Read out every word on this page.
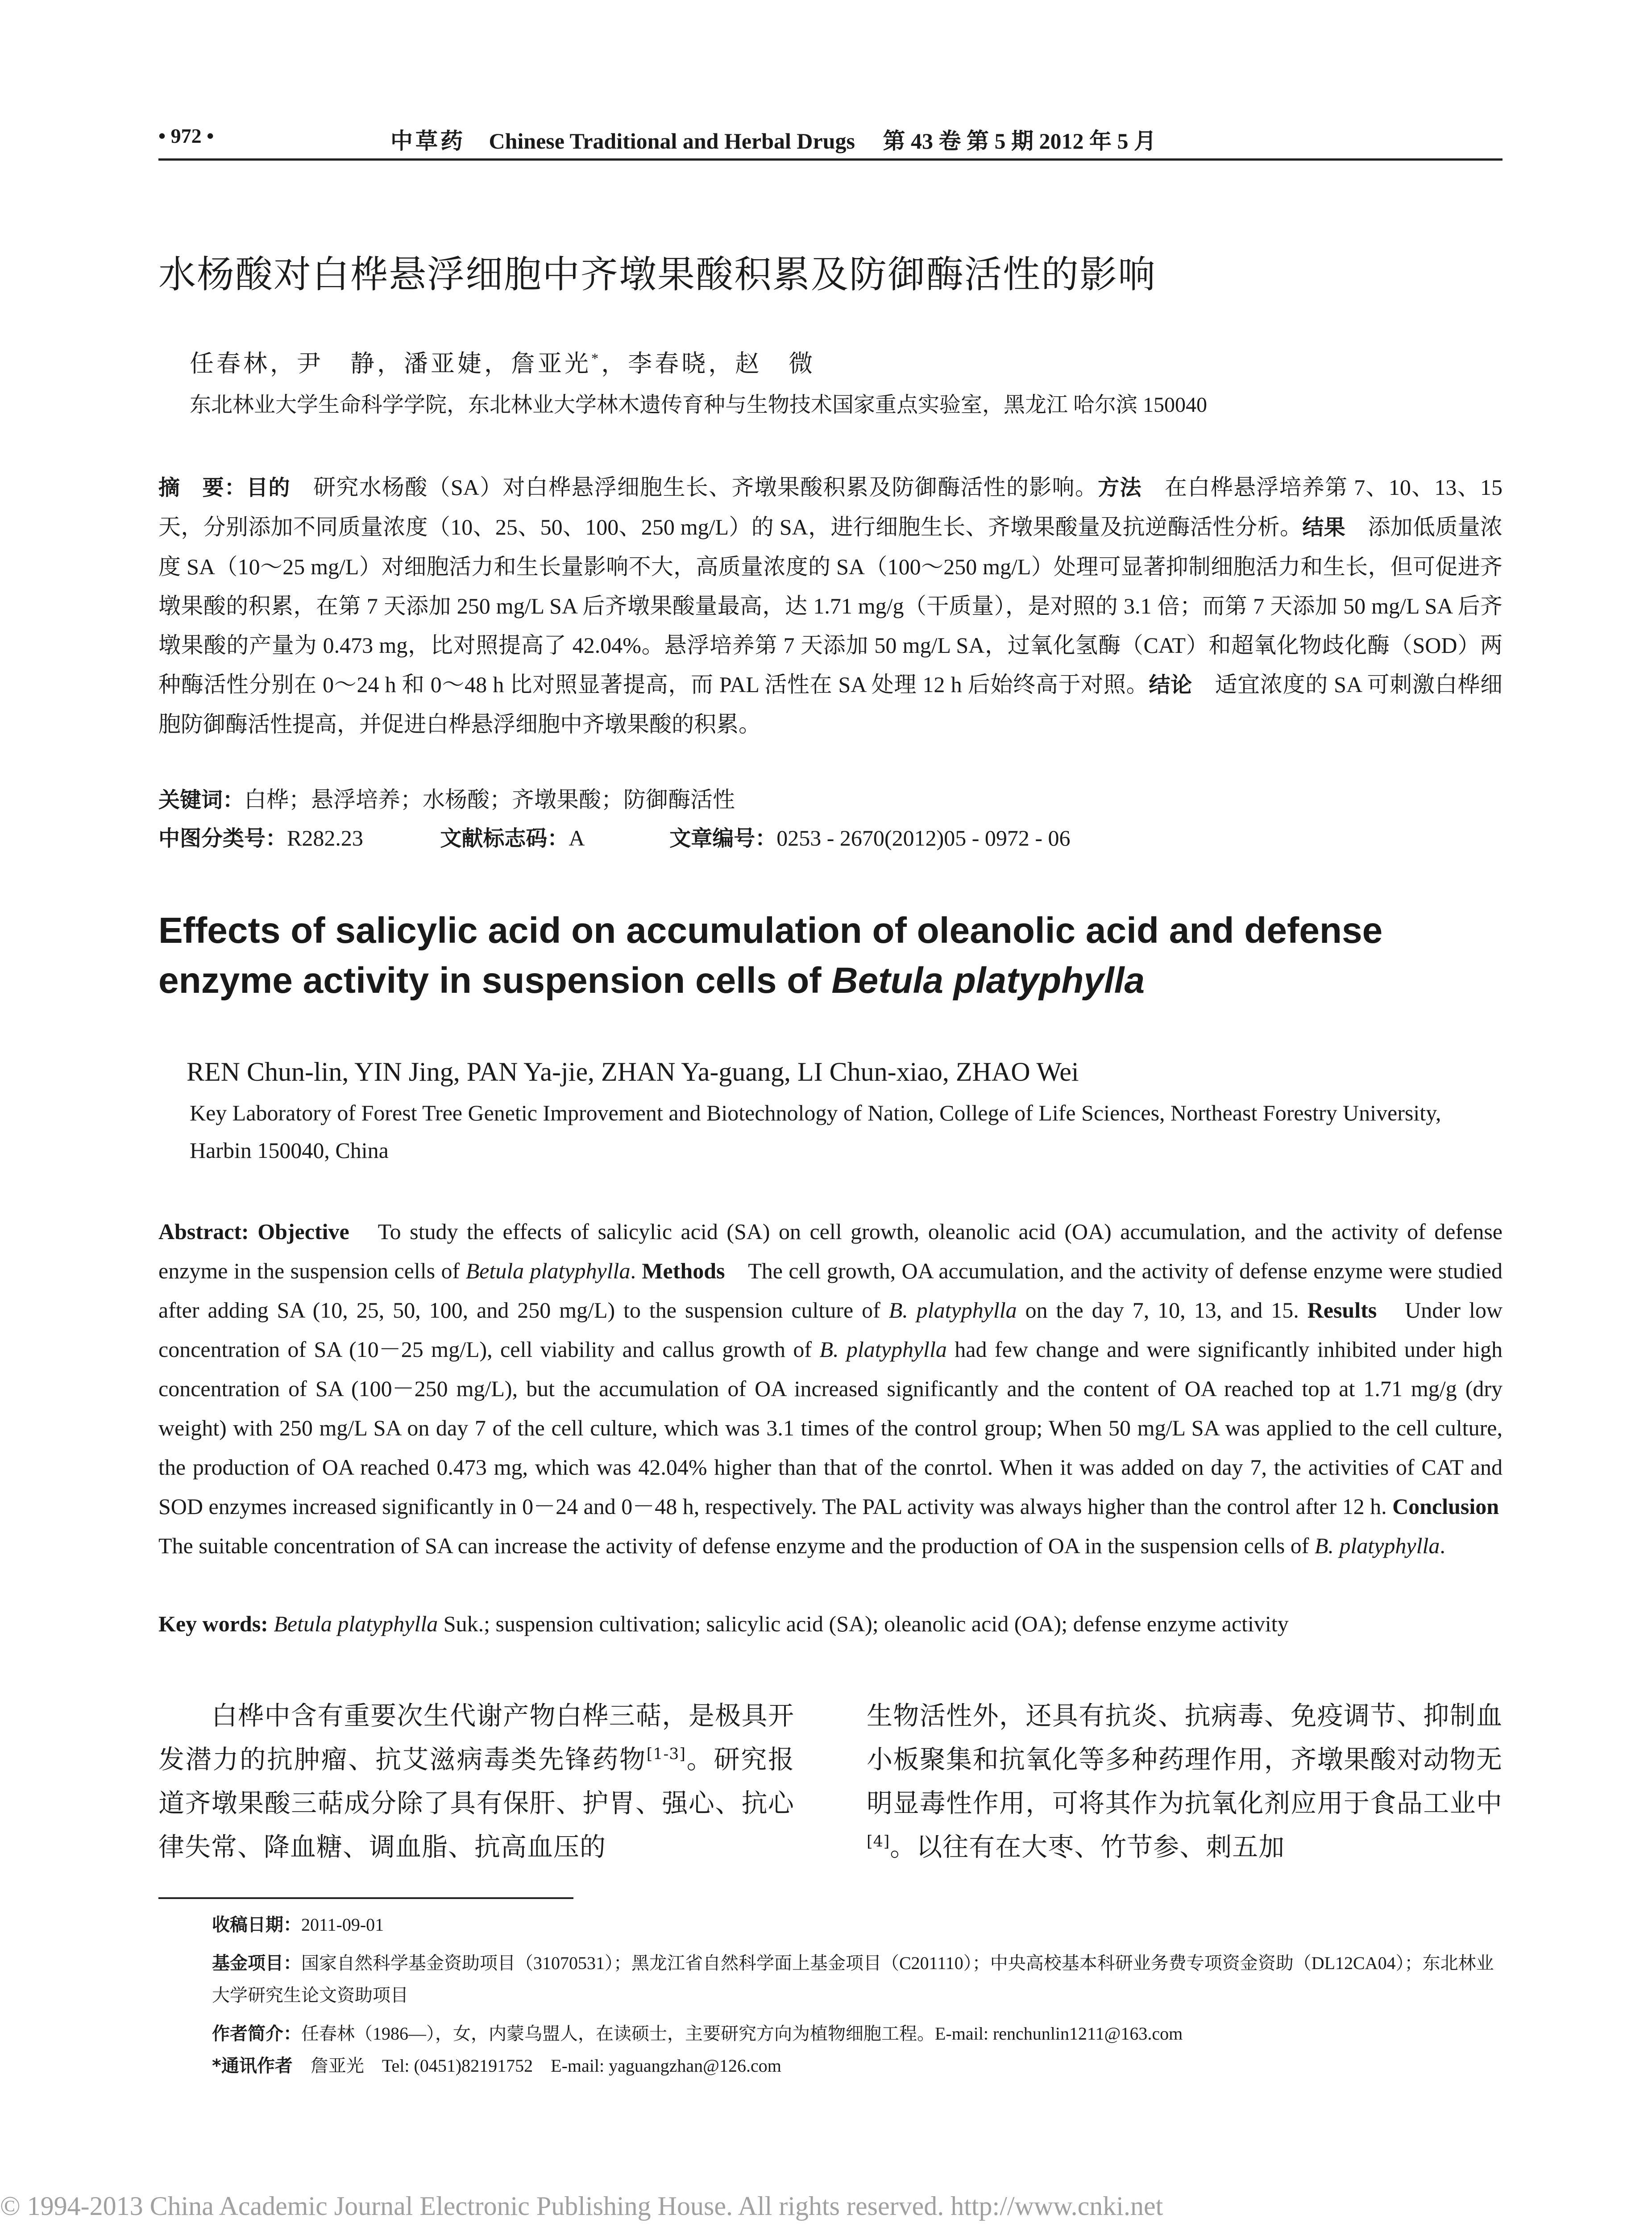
• 972 •	中草药 Chinese Traditional and Herbal Drugs 第 43 卷 第 5 期 2012 年 5 月
水杨酸对白桦悬浮细胞中齐墩果酸积累及防御酶活性的影响
任春林，尹　静，潘亚婕，詹亚光*，李春晓，赵　微
东北林业大学生命科学学院，东北林业大学林木遗传育种与生物技术国家重点实验室，黑龙江 哈尔滨 150040
摘　要：目的　研究水杨酸（SA）对白桦悬浮细胞生长、齐墩果酸积累及防御酶活性的影响。方法　在白桦悬浮培养第 7、10、13、15 天，分别添加不同质量浓度（10、25、50、100、250 mg/L）的 SA，进行细胞生长、齐墩果酸量及抗逆酶活性分析。结果　添加低质量浓度 SA（10～25 mg/L）对细胞活力和生长量影响不大，高质量浓度的 SA（100～250 mg/L）处理可显著抑制细胞活力和生长，但可促进齐墩果酸的积累，在第 7 天添加 250 mg/L SA 后齐墩果酸量最高，达 1.71 mg/g（干质量），是对照的 3.1 倍；而第 7 天添加 50 mg/L SA 后齐墩果酸的产量为 0.473 mg，比对照提高了 42.04%。悬浮培养第 7 天添加 50 mg/L SA，过氧化氢酶（CAT）和超氧化物歧化酶（SOD）两种酶活性分别在 0～24 h 和 0～48 h 比对照显著提高，而 PAL 活性在 SA 处理 12 h 后始终高于对照。结论　适宜浓度的 SA 可刺激白桦细胞防御酶活性提高，并促进白桦悬浮细胞中齐墩果酸的积累。
关键词：白桦；悬浮培养；水杨酸；齐墩果酸；防御酶活性
中图分类号：R282.23	文献标志码：A	文章编号：0253 - 2670(2012)05 - 0972 - 06
Effects of salicylic acid on accumulation of oleanolic acid and defense enzyme activity in suspension cells of Betula platyphylla
REN Chun-lin, YIN Jing, PAN Ya-jie, ZHAN Ya-guang, LI Chun-xiao, ZHAO Wei
Key Laboratory of Forest Tree Genetic Improvement and Biotechnology of Nation, College of Life Sciences, Northeast Forestry University, Harbin 150040, China
Abstract: Objective　To study the effects of salicylic acid (SA) on cell growth, oleanolic acid (OA) accumulation, and the activity of defense enzyme in the suspension cells of Betula platyphylla. Methods　The cell growth, OA accumulation, and the activity of defense enzyme were studied after adding SA (10, 25, 50, 100, and 250 mg/L) to the suspension culture of B. platyphylla on the day 7, 10, 13, and 15. Results　Under low concentration of SA (10－25 mg/L), cell viability and callus growth of B. platyphylla had few change and were significantly inhibited under high concentration of SA (100－250 mg/L), but the accumulation of OA increased significantly and the content of OA reached top at 1.71 mg/g (dry weight) with 250 mg/L SA on day 7 of the cell culture, which was 3.1 times of the control group; When 50 mg/L SA was applied to the cell culture, the production of OA reached 0.473 mg, which was 42.04% higher than that of the conrtol. When it was added on day 7, the activities of CAT and SOD enzymes increased significantly in 0－24 and 0－48 h, respectively. The PAL activity was always higher than the control after 12 h. Conclusion　The suitable concentration of SA can increase the activity of defense enzyme and the production of OA in the suspension cells of B. platyphylla.
Key words: Betula platyphylla Suk.; suspension cultivation; salicylic acid (SA); oleanolic acid (OA); defense enzyme activity
　　白桦中含有重要次生代谢产物白桦三萜，是极具开发潜力的抗肿瘤、抗艾滋病毒类先锋药物[1-3]。研究报道齐墩果酸三萜成分除了具有保肝、护胃、强心、抗心律失常、降血糖、调血脂、抗高血压的
生物活性外，还具有抗炎、抗病毒、免疫调节、抑制血小板聚集和抗氧化等多种药理作用，齐墩果酸对动物无明显毒性作用，可将其作为抗氧化剂应用于食品工业中[4]。以往有在大枣、竹节参、刺五加
收稿日期：2011-09-01
基金项目：国家自然科学基金资助项目（31070531）；黑龙江省自然科学面上基金项目（C201110）；中央高校基本科研业务费专项资金资助（DL12CA04）；东北林业大学研究生论文资助项目
作者简介：任春林（1986—），女，内蒙乌盟人，在读硕士，主要研究方向为植物细胞工程。E-mail: renchunlin1211@163.com
*通讯作者　詹亚光　Tel: (0451)82191752　E-mail: yaguangzhan@126.com
© 1994-2013 China Academic Journal Electronic Publishing House. All rights reserved. http://www.cnki.net
